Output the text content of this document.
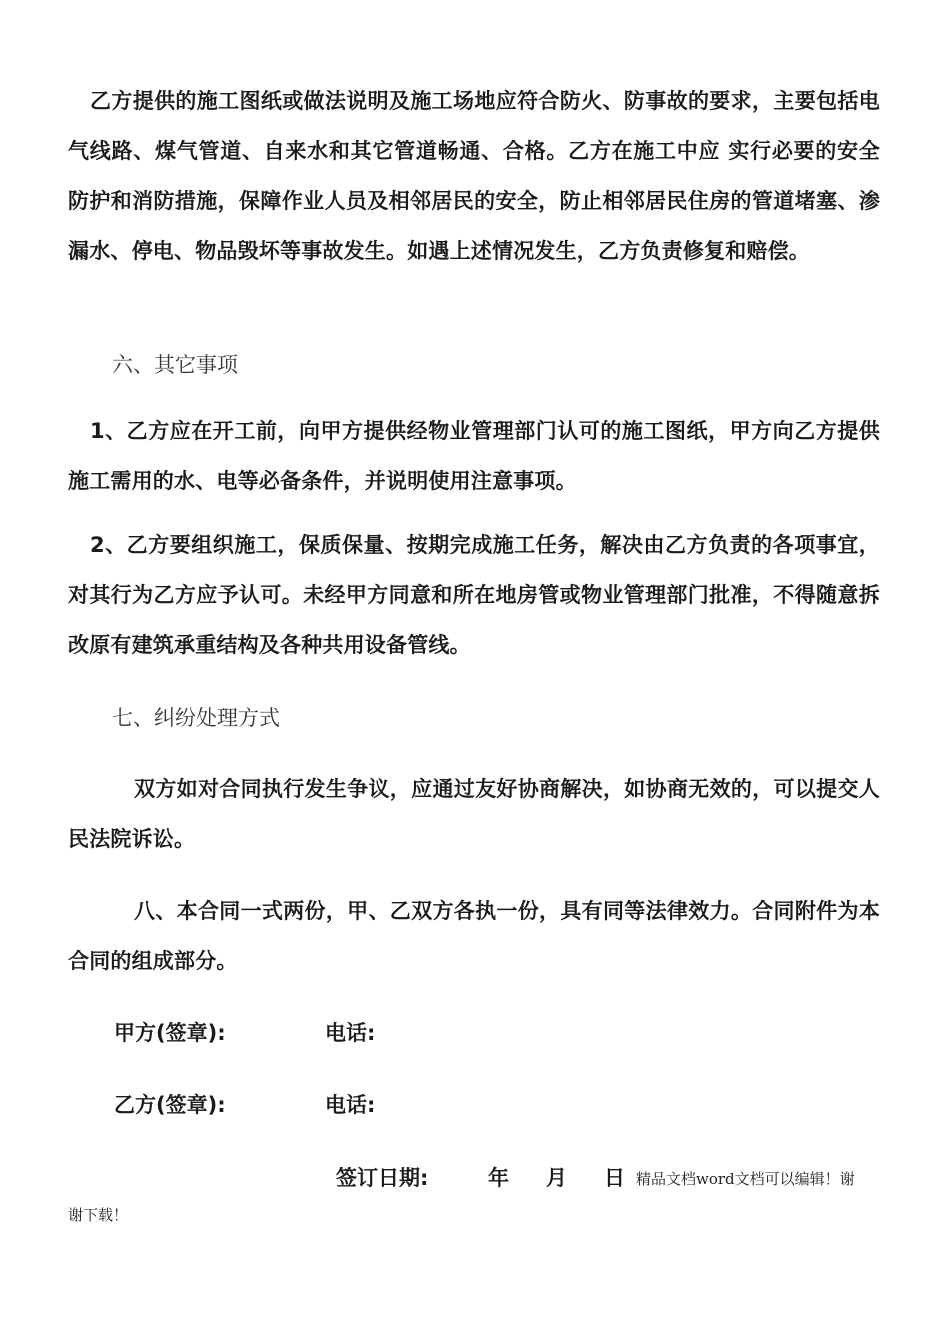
乙方提供的施工图纸或做法说明及施工场地应符合防火、防事故的要求，主要包括电气线路、煤气管道、自来水和其它管道畅通、合格。乙方在施工中应 实行必要的安全防护和消防措施，保障作业人员及相邻居民的安全，防止相邻居民住房的管道堵塞、渗漏水、停电、物品毁坏等事故发生。如遇上述情况发生，乙方负责修复和赔偿。

六、其它事项

1、乙方应在开工前，向甲方提供经物业管理部门认可的施工图纸，甲方向乙方提供施工需用的水、电等必备条件，并说明使用注意事项。

2、乙方要组织施工，保质保量、按期完成施工任务，解决由乙方负责的各项事宜，对其行为乙方应予认可。未经甲方同意和所在地房管或物业管理部门批准，不得随意拆改原有建筑承重结构及各种共用设备管线。

七、纠纷处理方式

双方如对合同执行发生争议，应通过友好协商解决，如协商无效的，可以提交人民法院诉讼。

八、本合同一式两份，甲、乙双方各执一份，具有同等法律效力。合同附件为本合同的组成部分。

甲方(签章):	电话:
乙方(签章):	电话:
签订日期:	年 月 日 精品文档word文档可以编辑！谢
谢下载！
